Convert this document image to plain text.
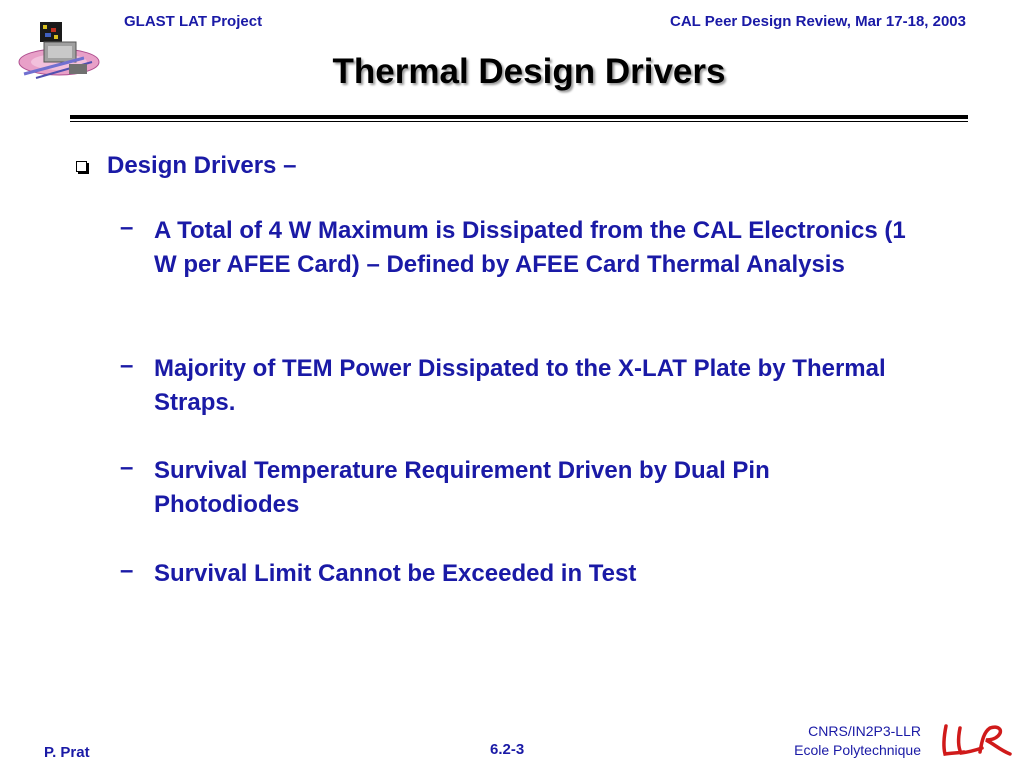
GLAST LAT Project	CAL Peer Design Review, Mar 17-18, 2003
Thermal Design Drivers
Design Drivers –
– A Total of 4 W Maximum is Dissipated from the CAL Electronics (1 W per AFEE Card) – Defined by AFEE Card Thermal Analysis
– Majority of TEM Power Dissipated to the X-LAT Plate by Thermal Straps.
– Survival Temperature Requirement Driven by Dual Pin Photodiodes
– Survival Limit Cannot be Exceeded in Test
P. Prat	6.2-3
CNRS/IN2P3-LLR
Ecole Polytechnique
